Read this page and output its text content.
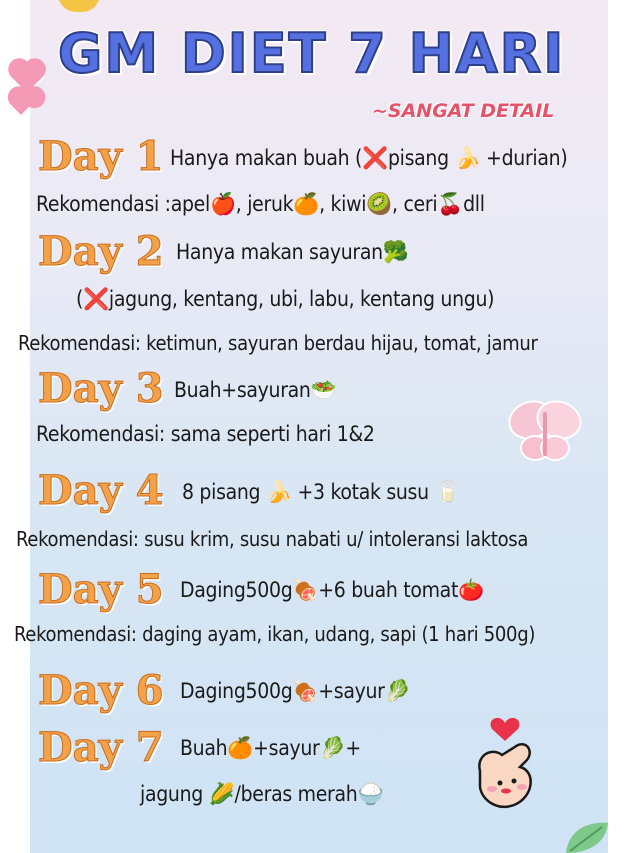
GM DIET 7 HARI
~SANGAT DETAIL
Day 1 Hanya makan buah (❌pisang 🍌 +durian)
Rekomendasi :apel🍎, jeruk🍊, kiwi🥝, ceri🍒dll
Day 2 Hanya makan sayuran🥦
(❌jagung, kentang, ubi, labu, kentang ungu)
Rekomendasi: ketimun, sayuran berdau hijau, tomat, jamur
Day 3 Buah+sayuran🥗
Rekomendasi: sama seperti hari 1&2
Day 4 8 pisang 🍌 +3 kotak susu 🥛
Rekomendasi: susu krim, susu nabati u/ intoleransi laktosa
Day 5 Daging500g🍖+6 buah tomat🍅
Rekomendasi: daging ayam, ikan, udang, sapi (1 hari 500g)
Day 6 Daging500g🍖+sayur🥬
Day 7 Buah🍊+sayur🥬+
jagung 🌽/beras merah🍚
